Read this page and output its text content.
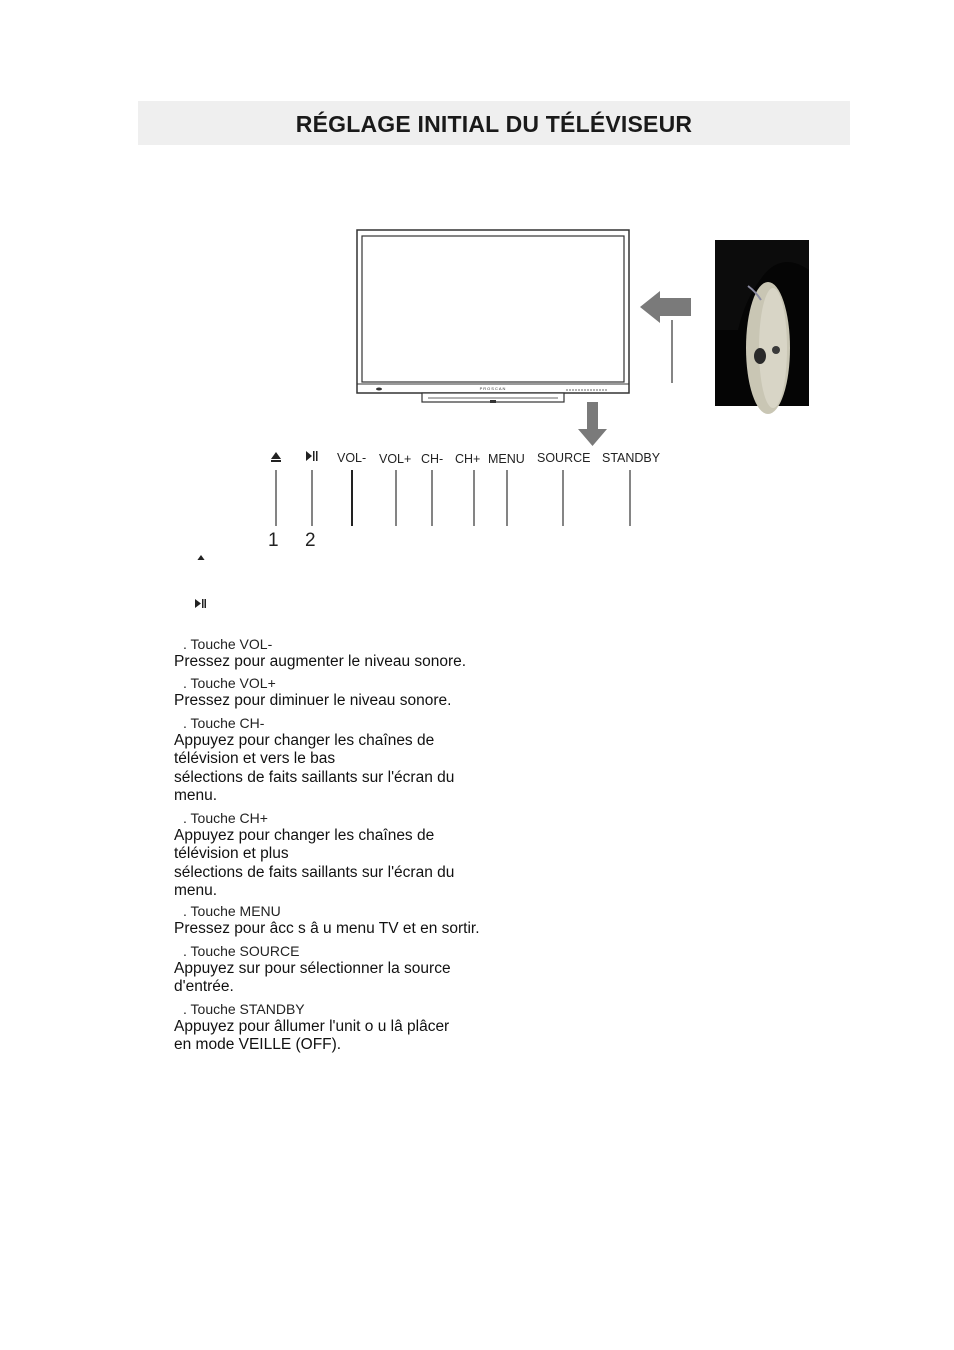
RÉGLAGE INITIAL DU TÉLÉVISEUR
PROSCAN
VOL- VOL+ CH- CH+ MENU SOURCE STANDBY
1 2
. Touche VOL-
Pressez pour augmenter le niveau sonore.
. Touche VOL+
Pressez pour diminuer le niveau sonore.
. Touche CH-
Appuyez pour changer les chaînes de
télévision et vers le bas
sélections de faits saillants sur l'écran du
menu.
. Touche CH+
Appuyez pour changer les chaînes de
télévision et plus
sélections de faits saillants sur l'écran du
menu.
. Touche MENU
Pressez pour âcc s â u menu TV et en sortir.
. Touche SOURCE
Appuyez sur pour sélectionner la source
d'entrée.
. Touche STANDBY
Appuyez pour âllumer l'unit o u lâ plâcer
en mode VEILLE (OFF).
